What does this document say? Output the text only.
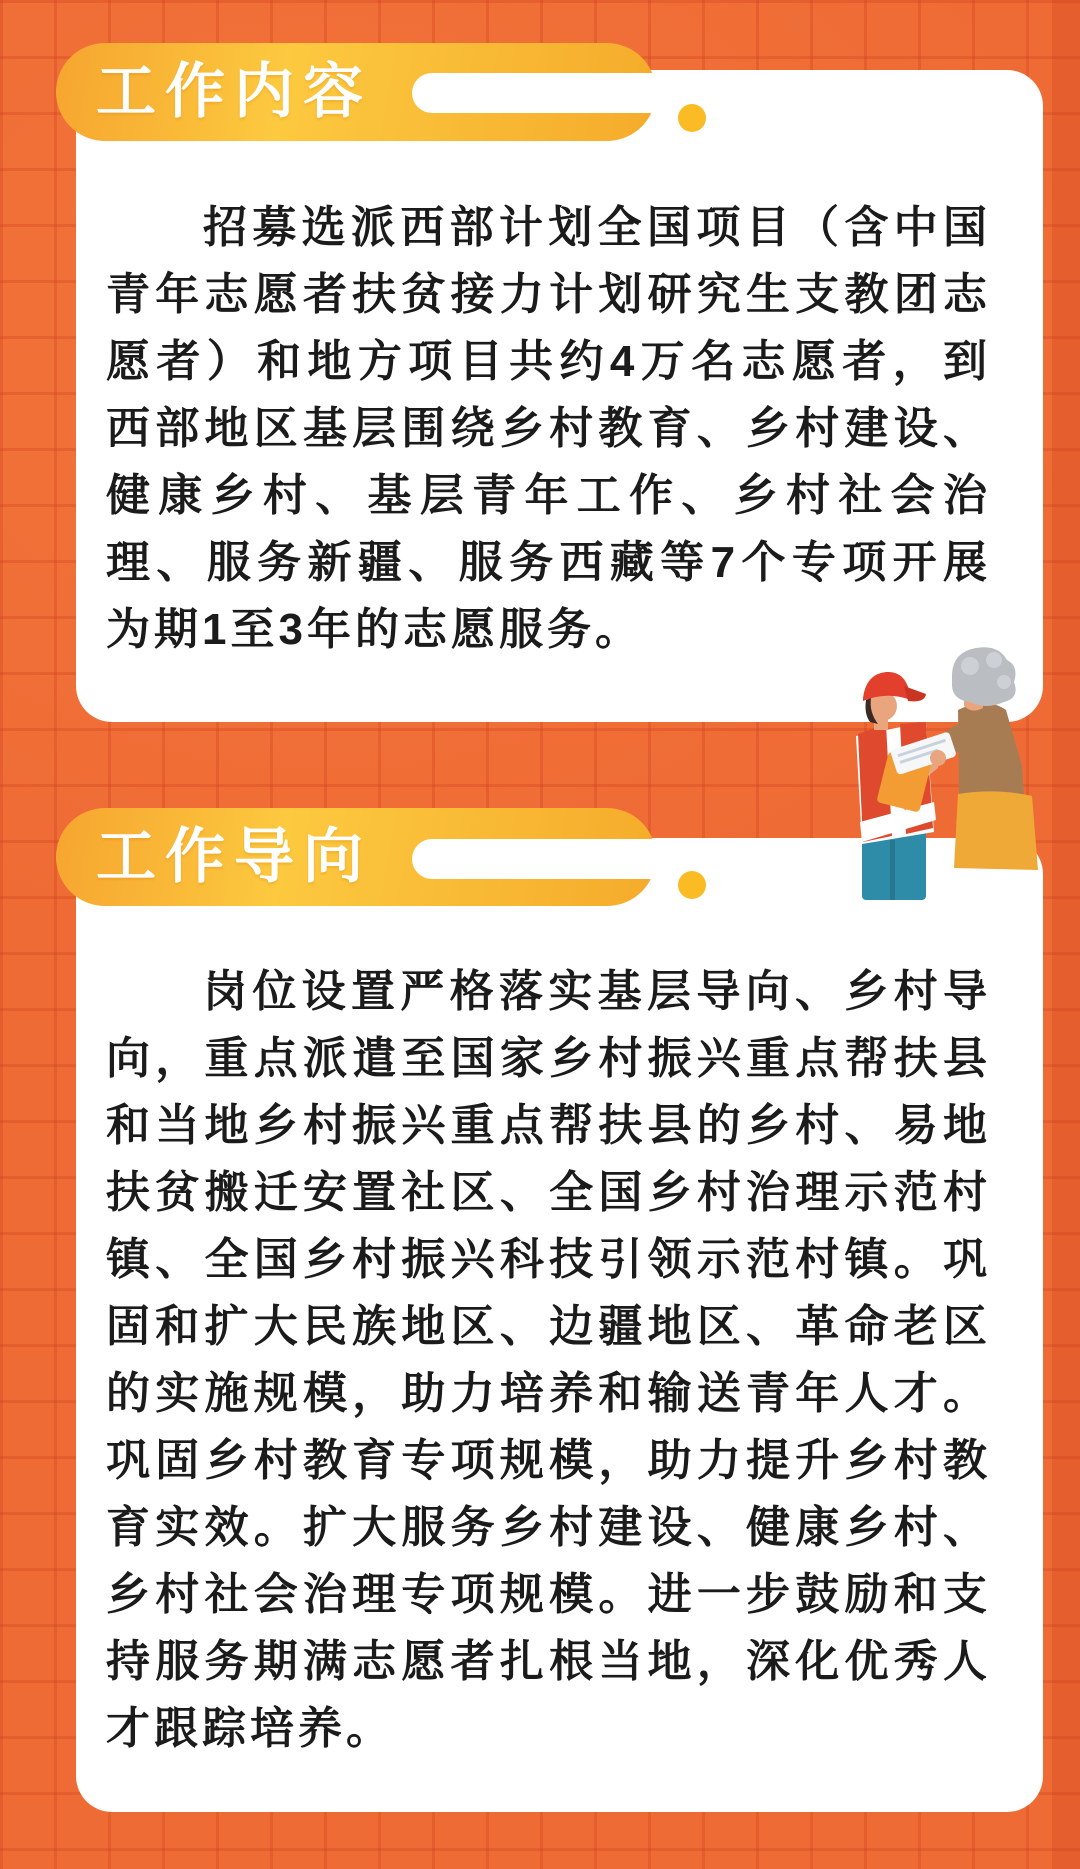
招募选派西部计划全国项目（含中国青年志愿者扶贫接力计划研究生支教团志愿者）和地方项目共约4万名志愿者，到西部地区基层围绕乡村教育、乡村建设、健康乡村、基层青年工作、乡村社会治理、服务新疆、服务西藏等7个专项开展为期1至3年的志愿服务。

工作内容

岗位设置严格落实基层导向、乡村导向，重点派遣至国家乡村振兴重点帮扶县和当地乡村振兴重点帮扶县的乡村、易地扶贫搬迁安置社区、全国乡村治理示范村镇、全国乡村振兴科技引领示范村镇。巩固和扩大民族地区、边疆地区、革命老区的实施规模，助力培养和输送青年人才。巩固乡村教育专项规模，助力提升乡村教育实效。扩大服务乡村建设、健康乡村、乡村社会治理专项规模。进一步鼓励和支持服务期满志愿者扎根当地，深化优秀人才跟踪培养。

工作导向
